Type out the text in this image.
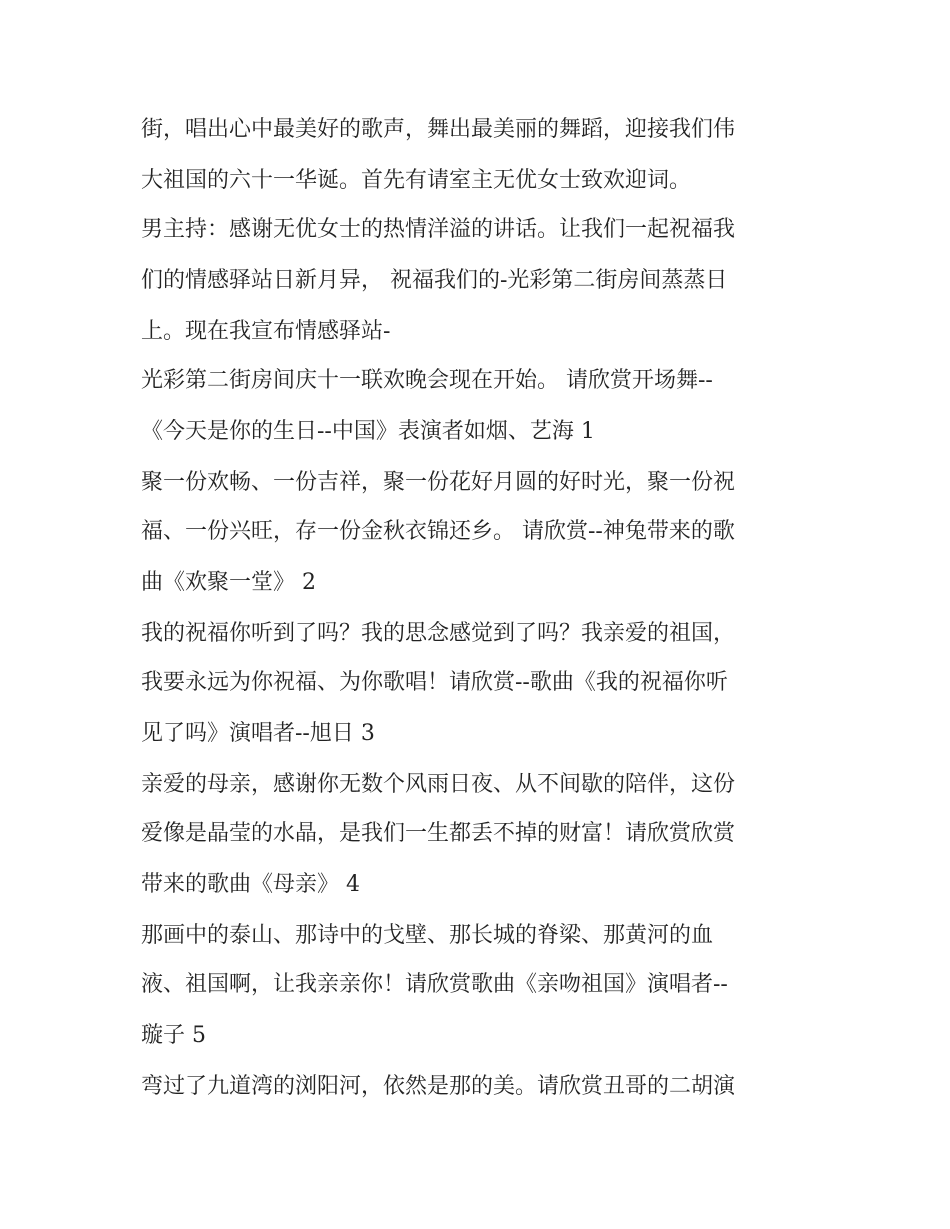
街，唱出心中最美好的歌声，舞出最美丽的舞蹈，迎接我们伟
大祖国的六十一华诞。首先有请室主无优女士致欢迎词。
男主持：感谢无优女士的热情洋溢的讲话。让我们一起祝福我
们的情感驿站日新月异， 祝福我们的-光彩第二街房间蒸蒸日
上。现在我宣布情感驿站-
光彩第二街房间庆十一联欢晚会现在开始。 请欣赏开场舞--
《今天是你的生日--中国》表演者如烟、艺海 1
聚一份欢畅、一份吉祥，聚一份花好月圆的好时光，聚一份祝
福、一份兴旺，存一份金秋衣锦还乡。 请欣赏--神兔带来的歌
曲《欢聚一堂》 2
我的祝福你听到了吗？我的思念感觉到了吗？我亲爱的祖国，
我要永远为你祝福、为你歌唱！请欣赏--歌曲《我的祝福你听
见了吗》演唱者--旭日 3
亲爱的母亲，感谢你无数个风雨日夜、从不间歇的陪伴，这份
爱像是晶莹的水晶，是我们一生都丢不掉的财富！请欣赏欣赏
带来的歌曲《母亲》 4
那画中的泰山、那诗中的戈壁、那长城的脊梁、那黄河的血
液、祖国啊，让我亲亲你！请欣赏歌曲《亲吻祖国》演唱者--
璇子 5
弯过了九道湾的浏阳河，依然是那的美。请欣赏丑哥的二胡演
